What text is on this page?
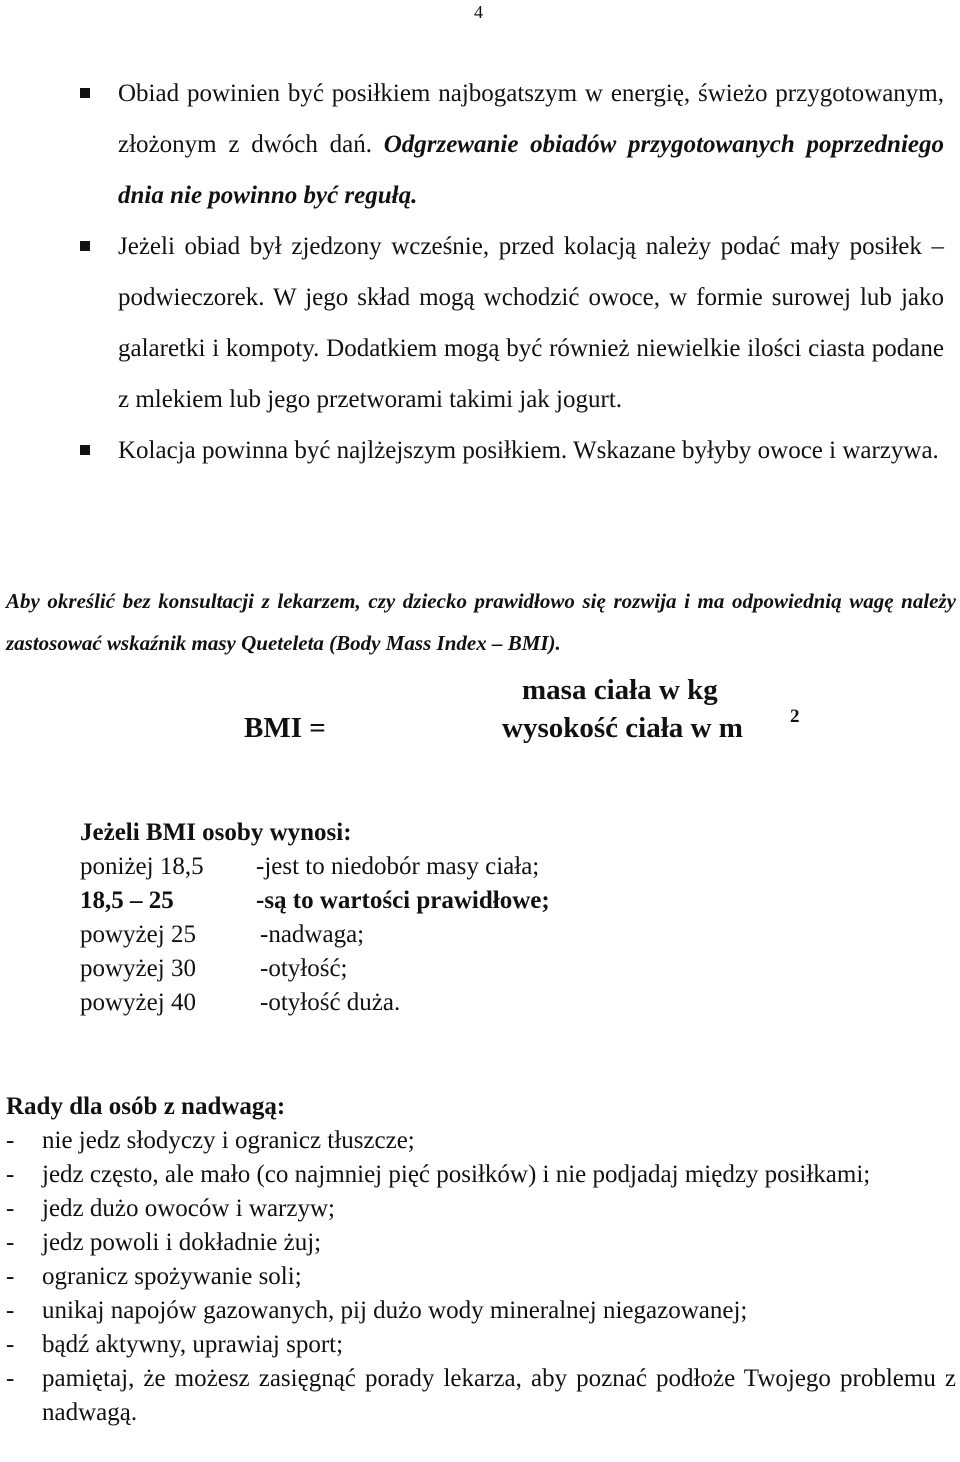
4
Obiad powinien być posiłkiem najbogatszym w energię, świeżo przygotowanym, złożonym z dwóch dań. Odgrzewanie obiadów przygotowanych poprzedniego dnia nie powinno być regułą.
Jeżeli obiad był zjedzony wcześnie, przed kolacją należy podać mały posiłek – podwieczorek. W jego skład mogą wchodzić owoce, w formie surowej lub jako galaretki i kompoty. Dodatkiem mogą być również niewielkie ilości ciasta podane z mlekiem lub jego przetworami takimi jak jogurt.
Kolacja powinna być najlżejszym posiłkiem. Wskazane byłyby owoce i warzywa.
Aby określić bez konsultacji z lekarzem, czy dziecko prawidłowo się rozwija i ma odpowiednią wagę należy zastosować wskaźnik masy Queteleta (Body Mass Index – BMI).
masa ciała w kg
BMI =	wysokość ciała w m 2
Jeżeli BMI osoby wynosi:
poniżej 18,5 -jest to niedobór masy ciała;
18,5 – 25	-są to wartości prawidłowe;
powyżej 25	-nadwaga;
powyżej 30	-otyłość;
powyżej 40	-otyłość duża.
Rady dla osób z nadwagą:
- nie jedz słodyczy i ogranicz tłuszcze;
- jedz często, ale mało (co najmniej pięć posiłków) i nie podjadaj między posiłkami;
- jedz dużo owoców i warzyw;
- jedz powoli i dokładnie żuj;
- ogranicz spożywanie soli;
- unikaj napojów gazowanych, pij dużo wody mineralnej niegazowanej;
- bądź aktywny, uprawiaj sport;
- pamiętaj, że możesz zasięgnąć porady lekarza, aby poznać podłoże Twojego problemu z nadwagą.
